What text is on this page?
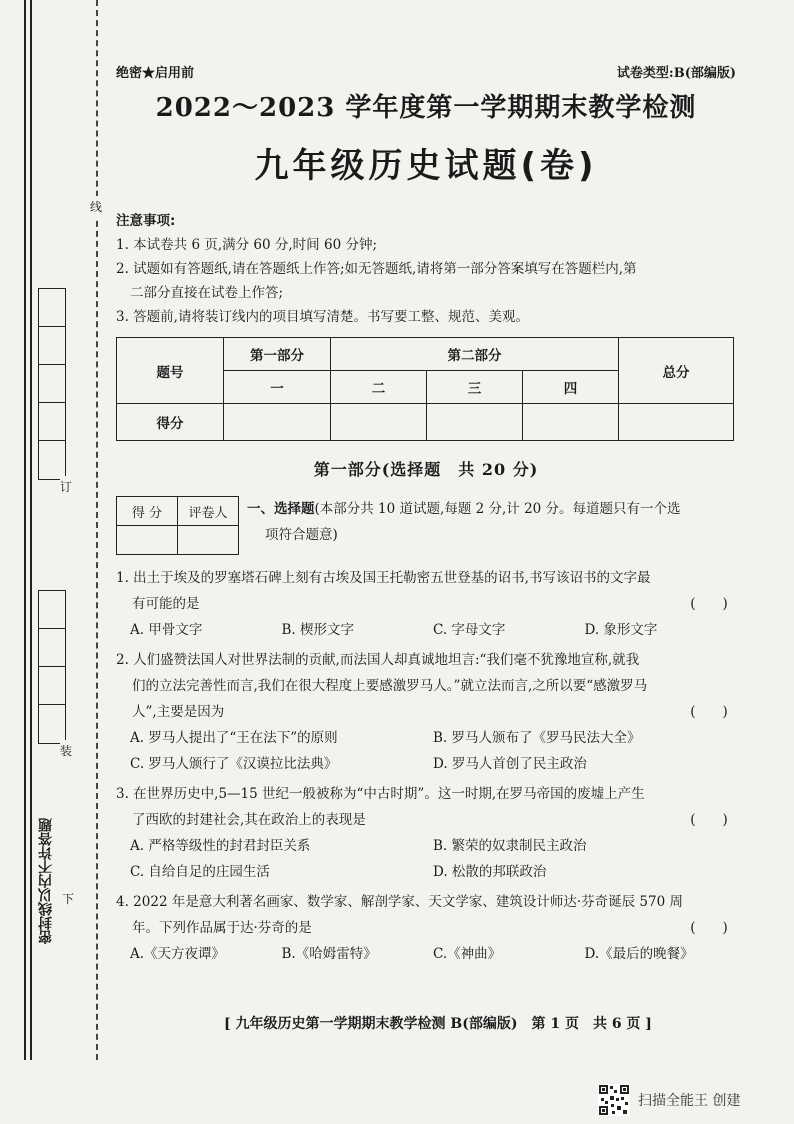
线
订
装
下
密封线以内不许答题
绝密★启用前	试卷类型:B(部编版)
2022～2023 学年度第一学期期末教学检测
九年级历史试题(卷)
注意事项:
1. 本试卷共 6 页,满分 60 分,时间 60 分钟;
2. 试题如有答题纸,请在答题纸上作答;如无答题纸,请将第一部分答案填写在答题栏内,第
二部分直接在试卷上作答;
3. 答题前,请将装订线内的项目填写清楚。书写要工整、规范、美观。
题号	第一部分	第二部分			总分
	一	二	三	四	
得分					
第一部分(选择题　共 20 分)
得 分	评卷人
	一、选择题(本部分共 10 道试题,每题 2 分,计 20 分。每道题只有一个选
项符合题意)
1. 出土于埃及的罗塞塔石碑上刻有古埃及国王托勒密五世登基的诏书,书写该诏书的文字最
有可能的是	(　　)
A. 甲骨文字	B. 楔形文字	C. 字母文字	D. 象形文字
2. 人们盛赞法国人对世界法制的贡献,而法国人却真诚地坦言:“我们毫不犹豫地宣称,就我
们的立法完善性而言,我们在很大程度上要感激罗马人。”就立法而言,之所以要“感激罗马
人”,主要是因为	(　　)
A. 罗马人提出了“王在法下”的原则	B. 罗马人颁布了《罗马民法大全》
C. 罗马人颁行了《汉谟拉比法典》	D. 罗马人首创了民主政治
3. 在世界历史中,5—15 世纪一般被称为“中古时期”。这一时期,在罗马帝国的废墟上产生
了西欧的封建社会,其在政治上的表现是	(　　)
A. 严格等级性的封君封臣关系	B. 繁荣的奴隶制民主政治
C. 自给自足的庄园生活	D. 松散的邦联政治
4. 2022 年是意大利著名画家、数学家、解剖学家、天文学家、建筑设计师达·芬奇诞辰 570 周
年。下列作品属于达·芬奇的是	(　　)
A.《天方夜谭》	B.《哈姆雷特》	C.《神曲》	D.《最后的晚餐》
[ 九年级历史第一学期期末教学检测 B(部编版)　第 1 页　共 6 页 ]
扫描全能王 创建
